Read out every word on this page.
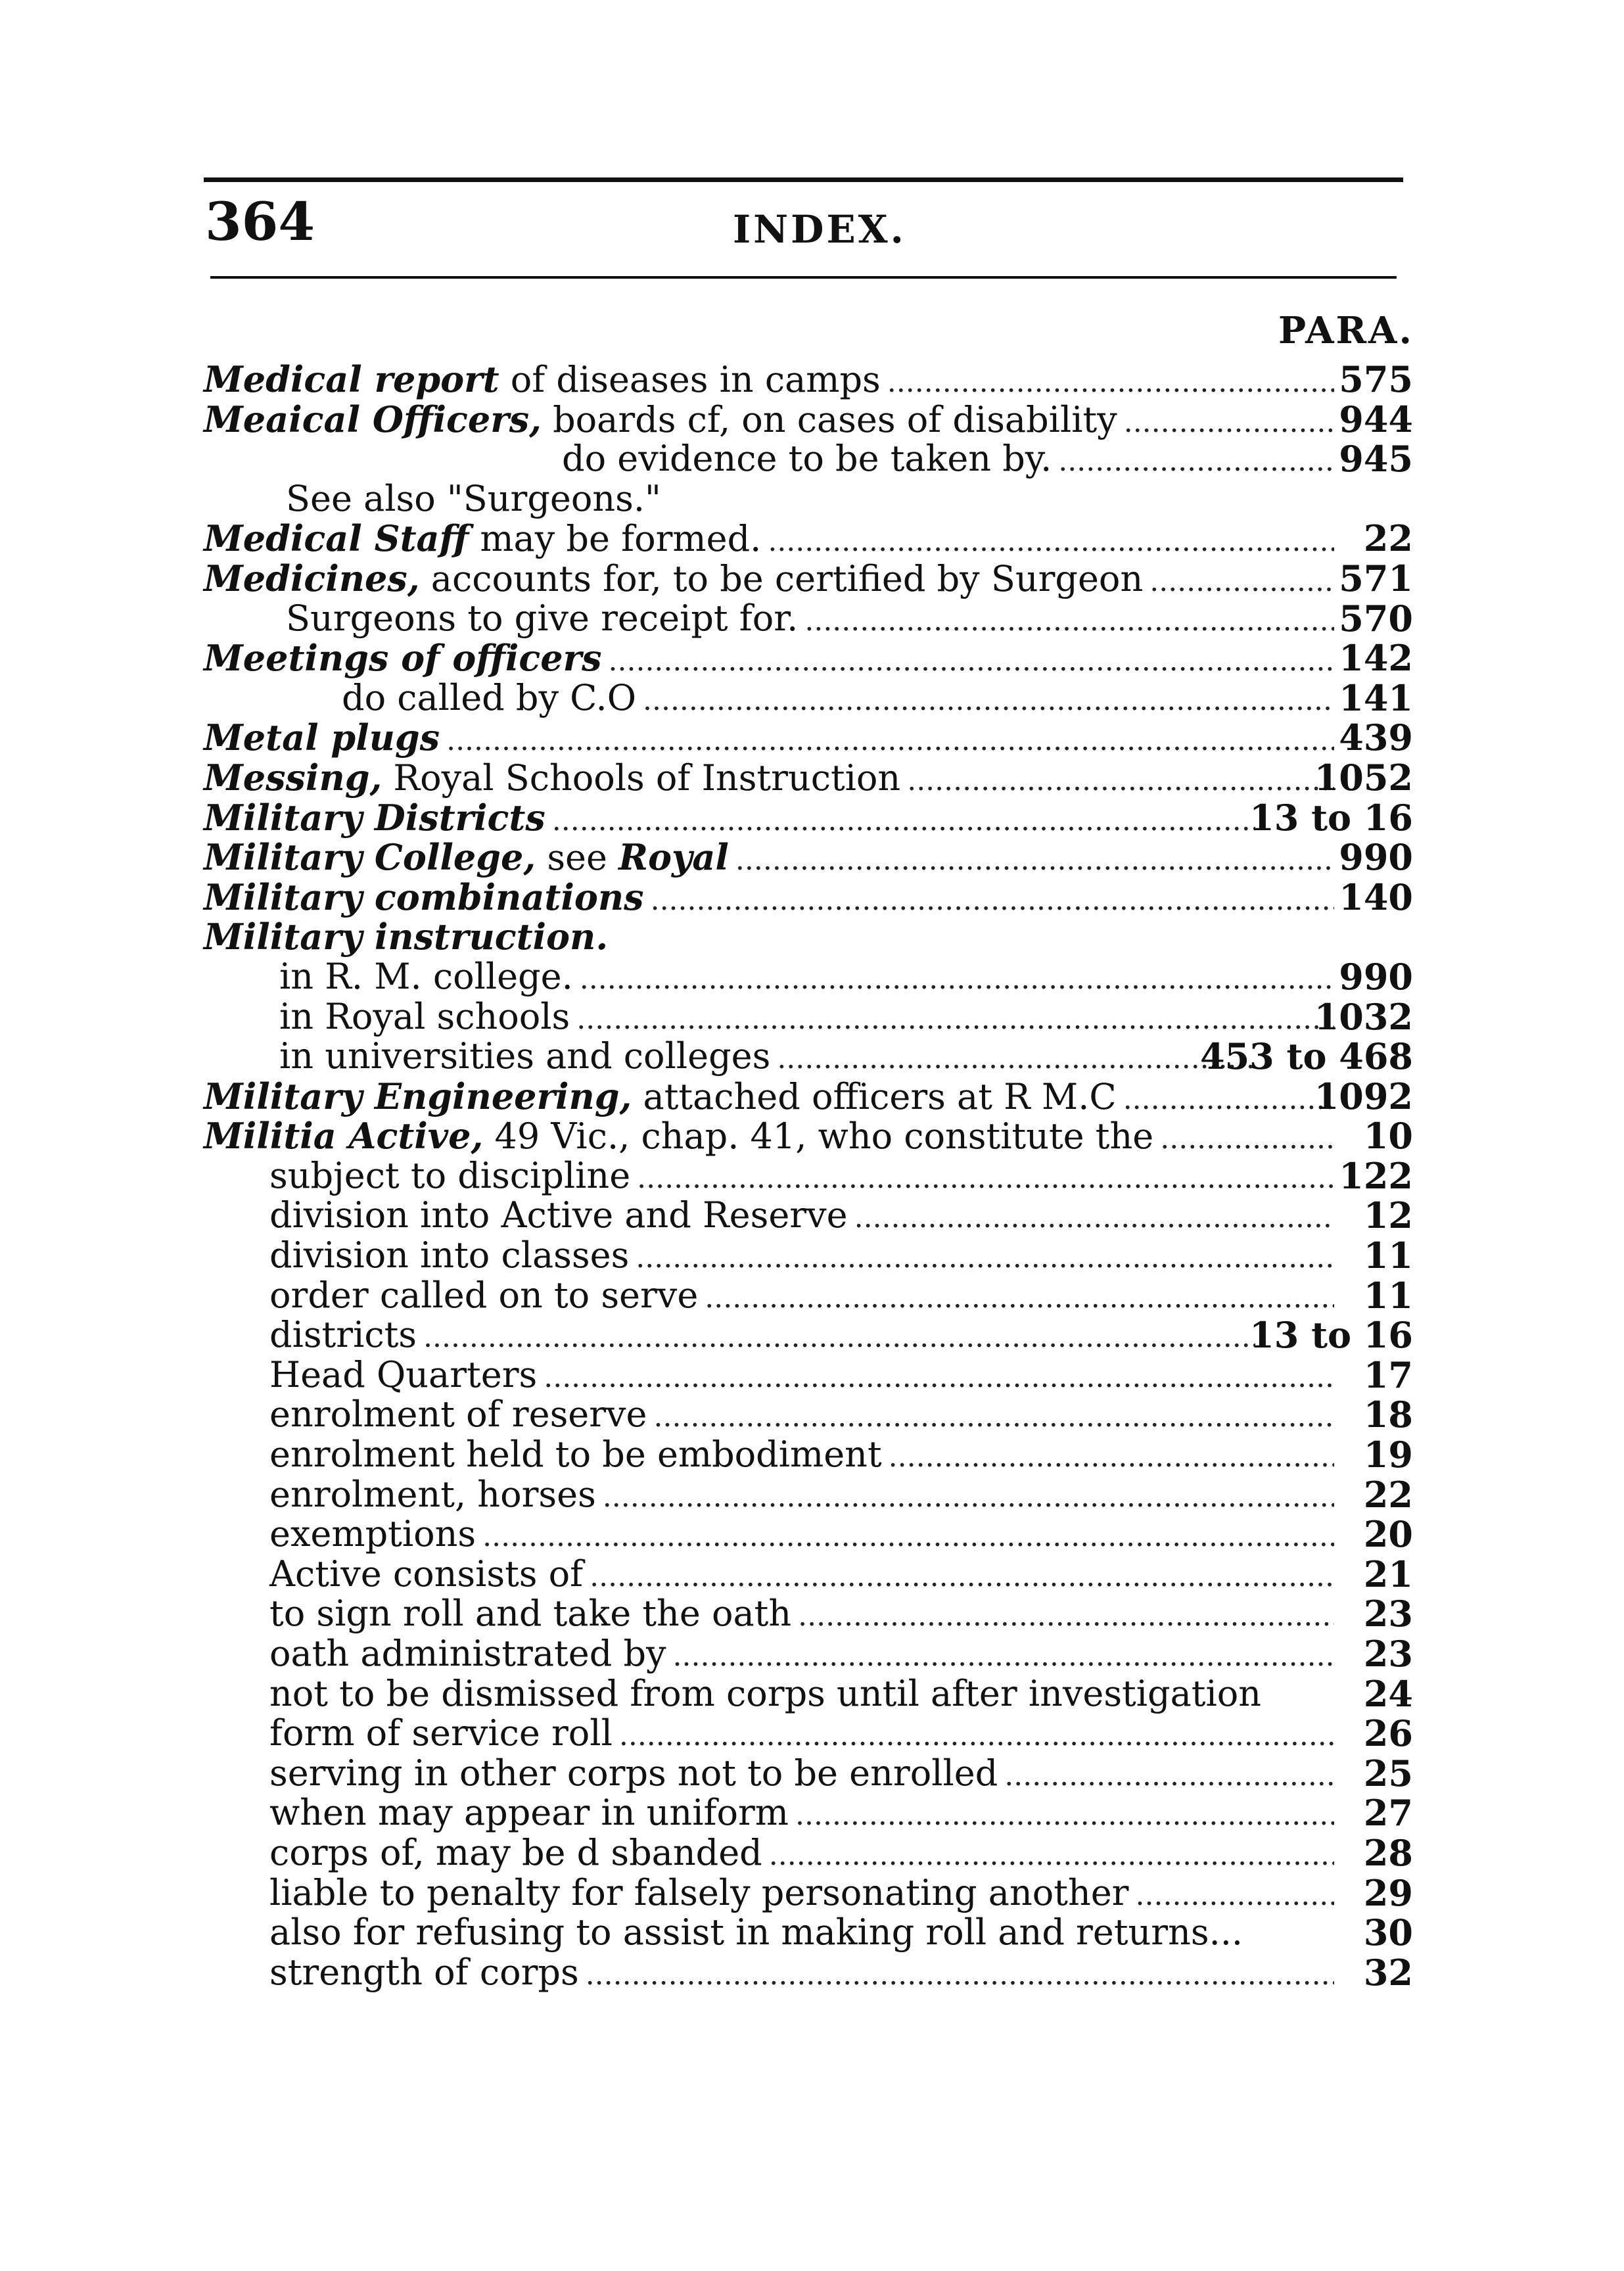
364	INDEX.
PARA.
Medical report of diseases in camps .....	575
Meaical Officers, boards cf, on cases of disability .....	944
do evidence to be taken by. .....	945
See also "Surgeons."
Medical Staff may be formed. .....	22
Medicines, accounts for, to be certified by Surgeon .....	571
Surgeons to give receipt for. .....	570
Meetings of officers .....	142
do called by C.O .....	141
Metal plugs .....	439
Messing, Royal Schools of Instruction .....	1052
Military Districts .....	13 to 16
Military College, see Royal .....	990
Military combinations .....	140
Military instruction.
in R. M. college. .....	990
in Royal schools .....	1032
in universities and colleges .....	453 to 468
Military Engineering, attached officers at R M.C .....	1092
Militia Active, 49 Vic., chap. 41, who constitute the .....	10
subject to discipline .....	122
division into Active and Reserve .....	12
division into classes .....	11
order called on to serve .....	11
districts .....	13 to 16
Head Quarters .....	17
enrolment of reserve .....	18
enrolment held to be embodiment .....	19
enrolment, horses .....	22
exemptions .....	20
Active consists of .....	21
to sign roll and take the oath .....	23
oath administrated by .....	23
not to be dismissed from corps until after investigation	24
form of service roll .....	26
serving in other corps not to be enrolled .....	25
when may appear in uniform .....	27
corps of, may be d sbanded .....	28
liable to penalty for falsely personating another .....	29
also for refusing to assist in making roll and returns...	30
strength of corps .....	32
